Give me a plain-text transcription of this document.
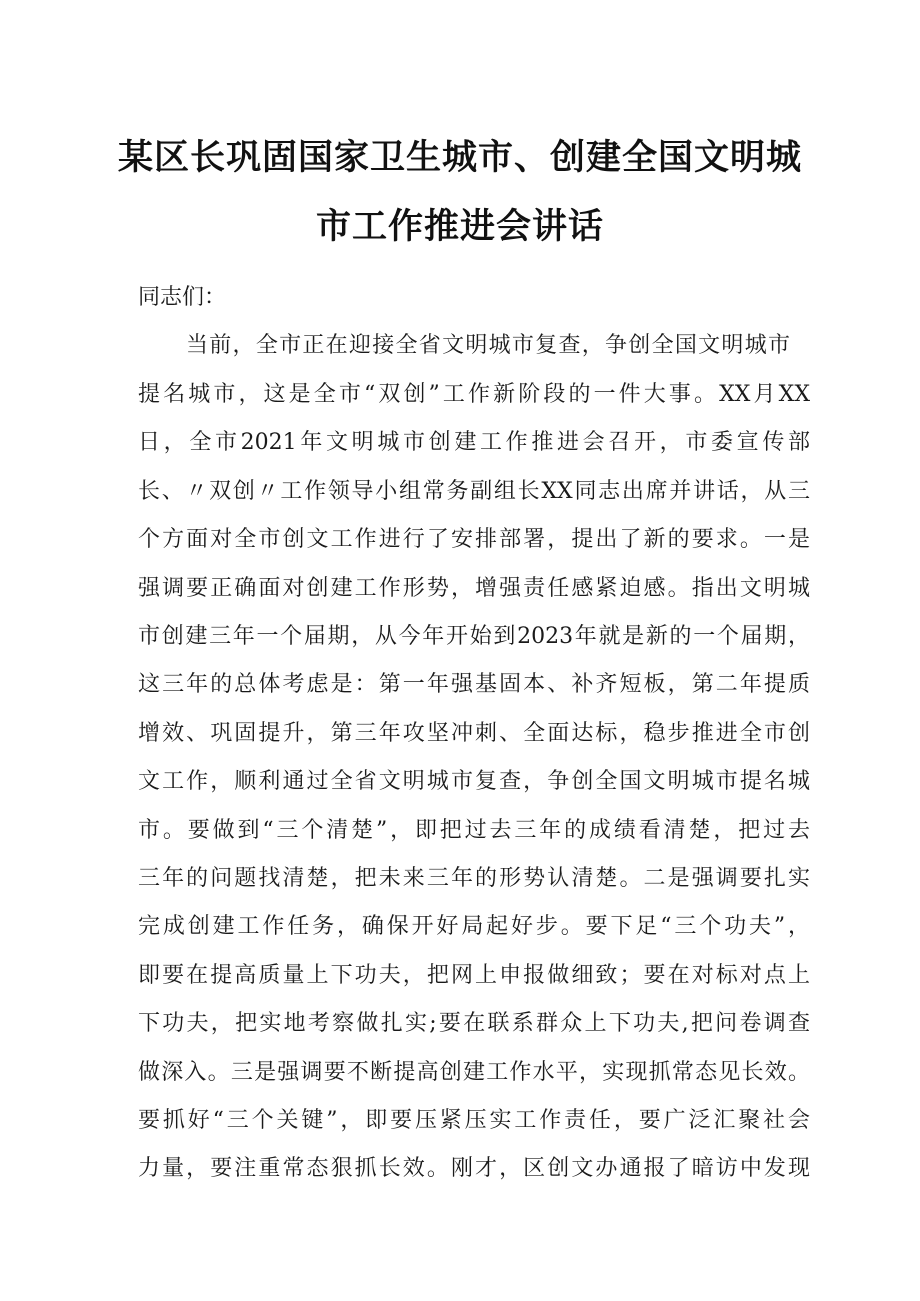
某区长巩固国家卫生城市、创建全国文明城
市工作推进会讲话
同志们：
当前，全市正在迎接全省文明城市复查，争创全国文明城市
提名城市，这是全市“双创”工作新阶段的一件大事。XX月XX
日，全市2021年文明城市创建工作推进会召开，市委宣传部
长、〃双创〃工作领导小组常务副组长XX同志出席并讲话，从三
个方面对全市创文工作进行了安排部署，提出了新的要求。一是
强调要正确面对创建工作形势，增强责任感紧迫感。指出文明城
市创建三年一个届期，从今年开始到2023年就是新的一个届期，
这三年的总体考虑是：第一年强基固本、补齐短板，第二年提质
增效、巩固提升，第三年攻坚冲刺、全面达标，稳步推进全市创
文工作，顺利通过全省文明城市复查，争创全国文明城市提名城
市。要做到“三个清楚”，即把过去三年的成绩看清楚，把过去
三年的问题找清楚，把未来三年的形势认清楚。二是强调要扎实
完成创建工作任务，确保开好局起好步。要下足“三个功夫”，
即要在提高质量上下功夫，把网上申报做细致；要在对标对点上
下功夫，把实地考察做扎实;要在联系群众上下功夫,把问卷调查
做深入。三是强调要不断提高创建工作水平，实现抓常态见长效。
要抓好“三个关键”，即要压紧压实工作责任，要广泛汇聚社会
力量，要注重常态狠抓长效。刚才，区创文办通报了暗访中发现
